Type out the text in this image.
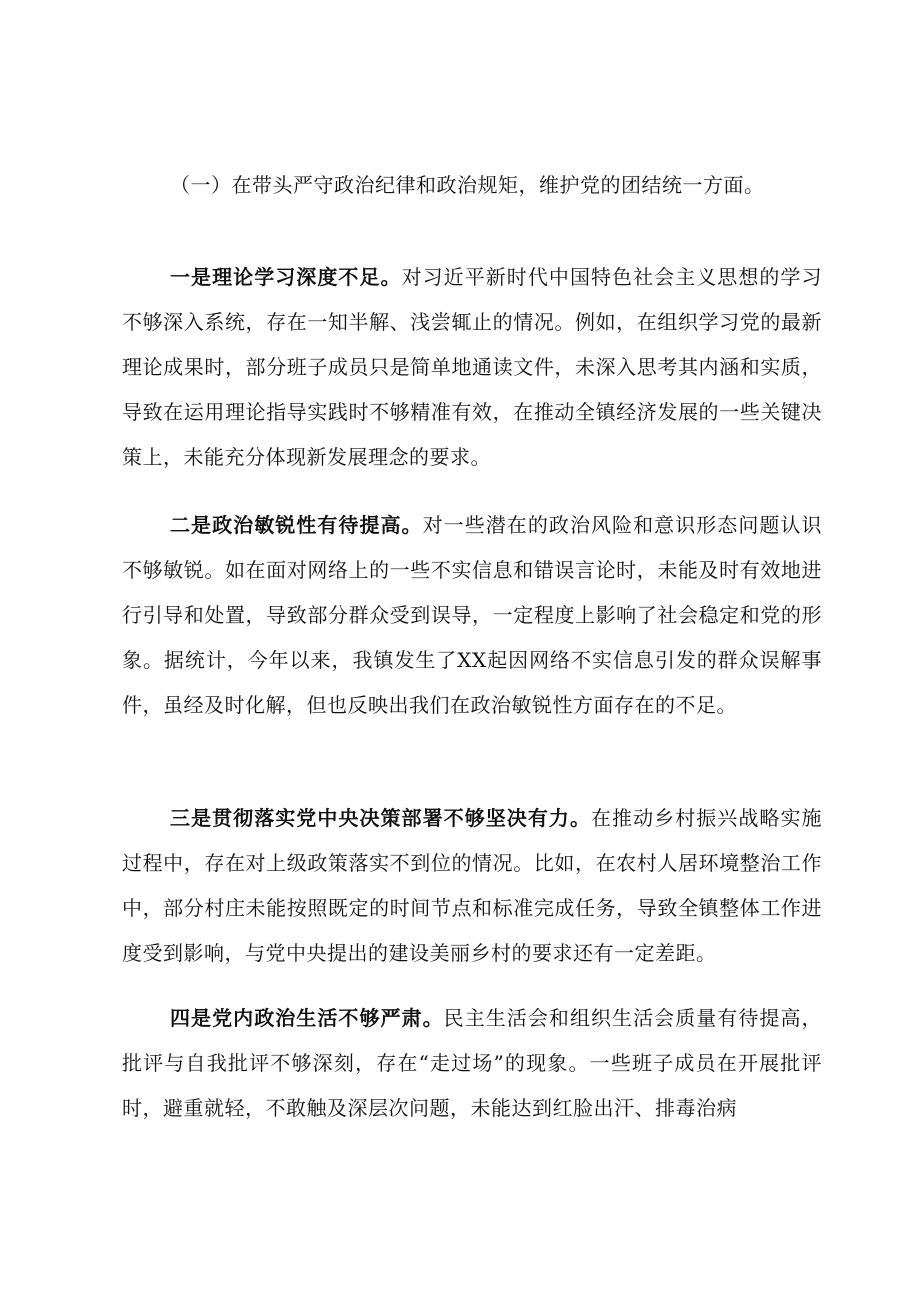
（一）在带头严守政治纪律和政治规矩，维护党的团结统一方面。

一是理论学习深度不足。对习近平新时代中国特色社会主义思想的学习不够深入系统，存在一知半解、浅尝辄止的情况。例如，在组织学习党的最新理论成果时，部分班子成员只是简单地通读文件，未深入思考其内涵和实质，导致在运用理论指导实践时不够精准有效，在推动全镇经济发展的一些关键决策上，未能充分体现新发展理念的要求。

二是政治敏锐性有待提高。对一些潜在的政治风险和意识形态问题认识不够敏锐。如在面对网络上的一些不实信息和错误言论时，未能及时有效地进行引导和处置，导致部分群众受到误导，一定程度上影响了社会稳定和党的形象。据统计，今年以来，我镇发生了XX起因网络不实信息引发的群众误解事件，虽经及时化解，但也反映出我们在政治敏锐性方面存在的不足。

三是贯彻落实党中央决策部署不够坚决有力。在推动乡村振兴战略实施过程中，存在对上级政策落实不到位的情况。比如，在农村人居环境整治工作中，部分村庄未能按照既定的时间节点和标准完成任务，导致全镇整体工作进度受到影响，与党中央提出的建设美丽乡村的要求还有一定差距。

四是党内政治生活不够严肃。民主生活会和组织生活会质量有待提高，批评与自我批评不够深刻，存在“走过场”的现象。一些班子成员在开展批评时，避重就轻，不敢触及深层次问题，未能达到红脸出汗、排毒治病
